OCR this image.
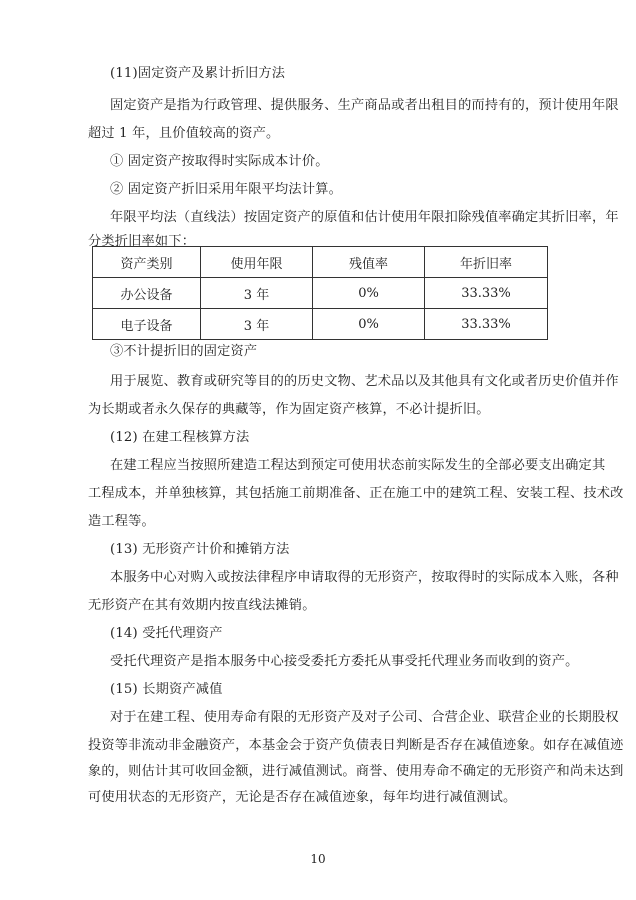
(11)固定资产及累计折旧方法
固定资产是指为行政管理、提供服务、生产商品或者出租目的而持有的，预计使用年限
超过 1 年，且价值较高的资产。
① 固定资产按取得时实际成本计价。
② 固定资产折旧采用年限平均法计算。
年限平均法（直线法）按固定资产的原值和估计使用年限扣除残值率确定其折旧率，年
分类折旧率如下：
资产类别	使用年限	残值率	年折旧率
办公设备	3 年	0%	33.33%
电子设备	3 年	0%	33.33%
③不计提折旧的固定资产
用于展览、教育或研究等目的的历史文物、艺术品以及其他具有文化或者历史价值并作
为长期或者永久保存的典藏等，作为固定资产核算，不必计提折旧。
(12) 在建工程核算方法
在建工程应当按照所建造工程达到预定可使用状态前实际发生的全部必要支出确定其
工程成本，并单独核算，其包括施工前期准备、正在施工中的建筑工程、安装工程、技术改
造工程等。
(13) 无形资产计价和摊销方法
本服务中心对购入或按法律程序申请取得的无形资产，按取得时的实际成本入账，各种
无形资产在其有效期内按直线法摊销。
(14) 受托代理资产
受托代理资产是指本服务中心接受委托方委托从事受托代理业务而收到的资产。
(15) 长期资产减值
对于在建工程、使用寿命有限的无形资产及对子公司、合营企业、联营企业的长期股权
投资等非流动非金融资产，本基金会于资产负债表日判断是否存在减值迹象。如存在减值迹
象的，则估计其可收回金额，进行减值测试。商誉、使用寿命不确定的无形资产和尚未达到
可使用状态的无形资产，无论是否存在减值迹象，每年均进行减值测试。
10
